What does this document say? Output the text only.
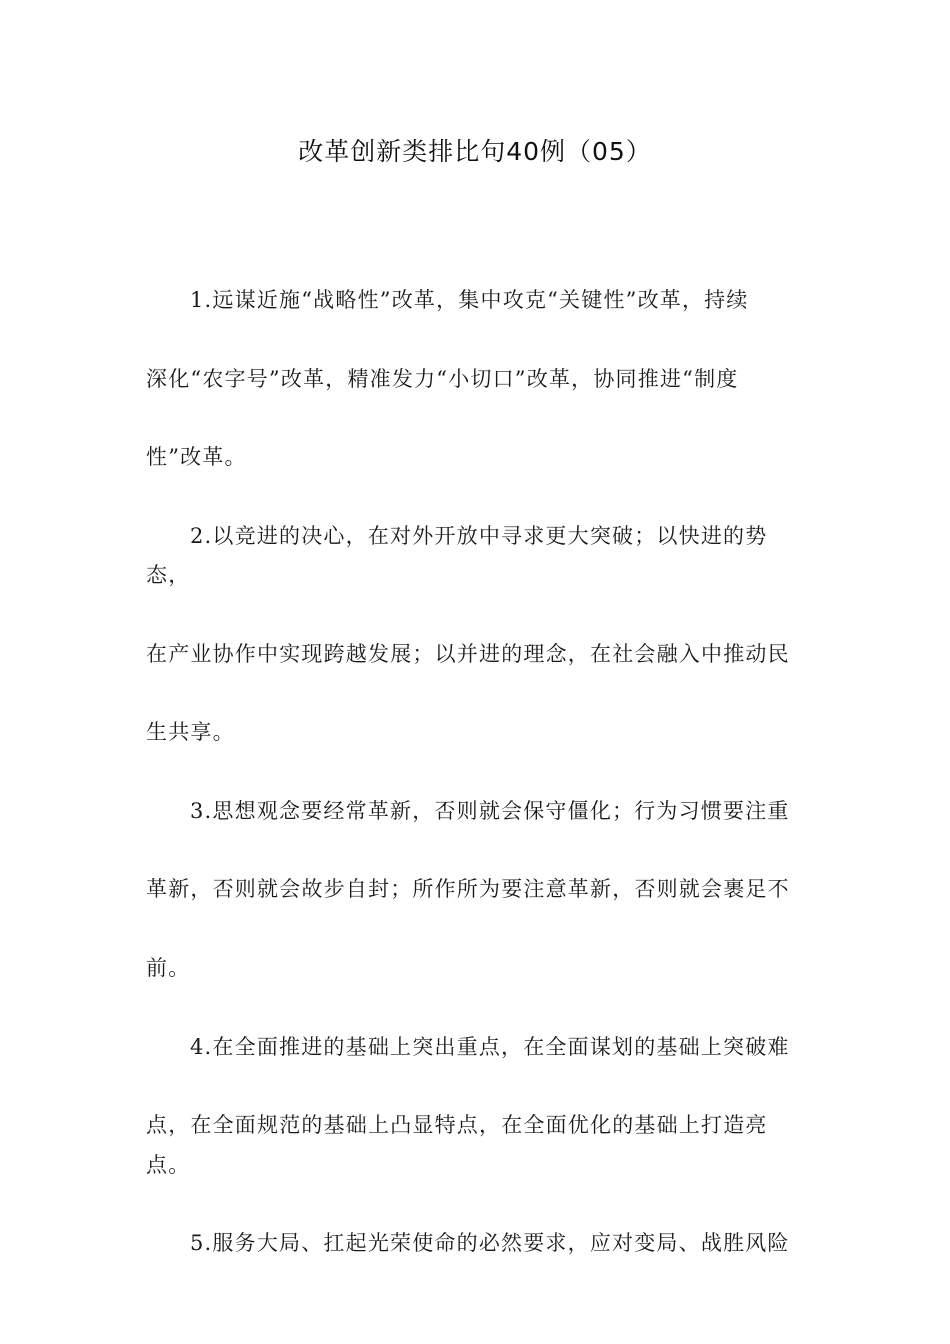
改革创新类排比句40例（05）
1.远谋近施“战略性”改革，集中攻克“关键性”改革，持续
深化“农字号”改革，精准发力“小切口”改革，协同推进“制度
性”改革。
2.以竞进的决心，在对外开放中寻求更大突破；以快进的势态，
在产业协作中实现跨越发展；以并进的理念，在社会融入中推动民
生共享。
3.思想观念要经常革新，否则就会保守僵化；行为习惯要注重
革新，否则就会故步自封；所作所为要注意革新，否则就会裹足不
前。
4.在全面推进的基础上突出重点，在全面谋划的基础上突破难
点，在全面规范的基础上凸显特点，在全面优化的基础上打造亮点。
5.服务大局、扛起光荣使命的必然要求，应对变局、战胜风险
